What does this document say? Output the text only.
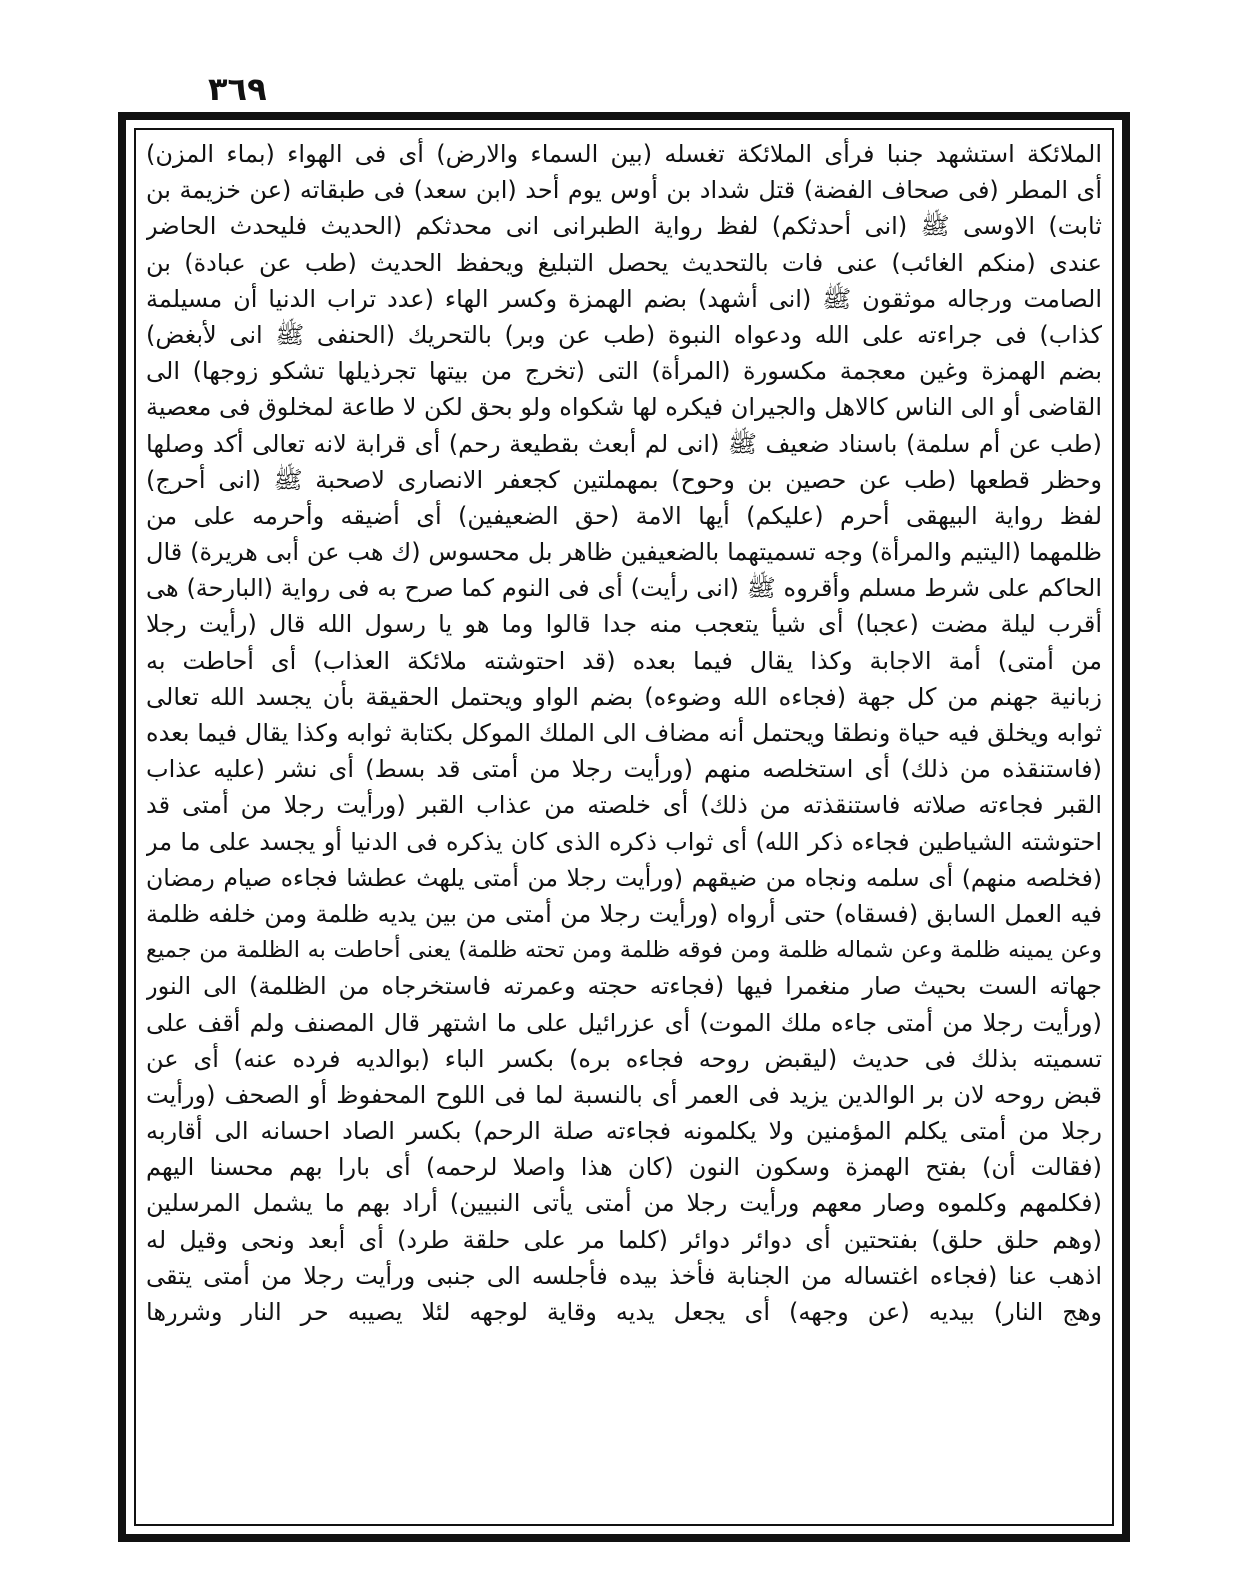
٣٦٩
الملائكة استشهد جنبا فرأى الملائكة تغسله (بين السماء والارض) أى فى الهواء (بماء المزن)
أى المطر (فى صحاف الفضة) قتل شداد بن أوس يوم أحد (ابن سعد) فى طبقاته (عن خزيمة بن
ثابت) الاوسى ﷺ (انى أحدثكم) لفظ رواية الطبرانى انى محدثكم (الحديث فليحدث الحاضر
عندى (منكم الغائب) عنى فات بالتحديث يحصل التبليغ ويحفظ الحديث (طب عن عبادة) بن
الصامت ورجاله موثقون ﷺ (انى أشهد) بضم الهمزة وكسر الهاء (عدد تراب الدنيا أن مسيلمة
كذاب) فى جراءته على الله ودعواه النبوة (طب عن وبر) بالتحريك (الحنفى ﷺ انى لأبغض)
بضم الهمزة وغين معجمة مكسورة (المرأة) التى (تخرج من بيتها تجرذيلها تشكو زوجها) الى
القاضى أو الى الناس كالاهل والجيران فيكره لها شكواه ولو بحق لكن لا طاعة لمخلوق فى معصية
(طب عن أم سلمة) باسناد ضعيف ﷺ (انى لم أبعث بقطيعة رحم) أى قرابة لانه تعالى أكد وصلها
وحظر قطعها (طب عن حصين بن وحوح) بمهملتين كجعفر الانصارى لاصحبة ﷺ (انى أحرج)
لفظ رواية البيهقى أحرم (عليكم) أيها الامة (حق الضعيفين) أى أضيقه وأحرمه على من
ظلمهما (اليتيم والمرأة) وجه تسميتهما بالضعيفين ظاهر بل محسوس (ك هب عن أبى هريرة) قال
الحاكم على شرط مسلم وأقروه ﷺ (انى رأيت) أى فى النوم كما صرح به فى رواية (البارحة) هى
أقرب ليلة مضت (عجبا) أى شيأ يتعجب منه جدا قالوا وما هو يا رسول الله قال (رأيت رجلا
من أمتى) أمة الاجابة وكذا يقال فيما بعده (قد احتوشته ملائكة العذاب) أى أحاطت به
زبانية جهنم من كل جهة (فجاءه الله وضوءه) بضم الواو ويحتمل الحقيقة بأن يجسد الله تعالى
ثوابه ويخلق فيه حياة ونطقا ويحتمل أنه مضاف الى الملك الموكل بكتابة ثوابه وكذا يقال فيما بعده
(فاستنقذه من ذلك) أى استخلصه منهم (ورأيت رجلا من أمتى قد بسط) أى نشر (عليه عذاب
القبر فجاءته صلاته فاستنقذته من ذلك) أى خلصته من عذاب القبر (ورأيت رجلا من أمتى قد
احتوشته الشياطين فجاءه ذكر الله) أى ثواب ذكره الذى كان يذكره فى الدنيا أو يجسد على ما مر
(فخلصه منهم) أى سلمه ونجاه من ضيقهم (ورأيت رجلا من أمتى يلهث عطشا فجاءه صيام رمضان
فيه العمل السابق (فسقاه) حتى أرواه (ورأيت رجلا من أمتى من بين يديه ظلمة ومن خلفه ظلمة
وعن يمينه ظلمة وعن شماله ظلمة ومن فوقه ظلمة ومن تحته ظلمة) يعنى أحاطت به الظلمة من جميع
جهاته الست بحيث صار منغمرا فيها (فجاءته حجته وعمرته فاستخرجاه من الظلمة) الى النور
(ورأيت رجلا من أمتى جاءه ملك الموت) أى عزرائيل على ما اشتهر قال المصنف ولم أقف على
تسميته بذلك فى حديث (ليقبض روحه فجاءه بره) بكسر الباء (بوالديه فرده عنه) أى عن
قبض روحه لان بر الوالدين يزيد فى العمر أى بالنسبة لما فى اللوح المحفوظ أو الصحف (ورأيت
رجلا من أمتى يكلم المؤمنين ولا يكلمونه فجاءته صلة الرحم) بكسر الصاد احسانه الى أقاربه
(فقالت أن) بفتح الهمزة وسكون النون (كان هذا واصلا لرحمه) أى بارا بهم محسنا اليهم
(فكلمهم وكلموه وصار معهم ورأيت رجلا من أمتى يأتى النبيين) أراد بهم ما يشمل المرسلين
(وهم حلق حلق) بفتحتين أى دوائر دوائر (كلما مر على حلقة طرد) أى أبعد ونحى وقيل له
اذهب عنا (فجاءه اغتساله من الجنابة فأخذ بيده فأجلسه الى جنبى ورأيت رجلا من أمتى يتقى
وهج النار) بيديه (عن وجهه) أى يجعل يديه وقاية لوجهه لئلا يصيبه حر النار وشررها
